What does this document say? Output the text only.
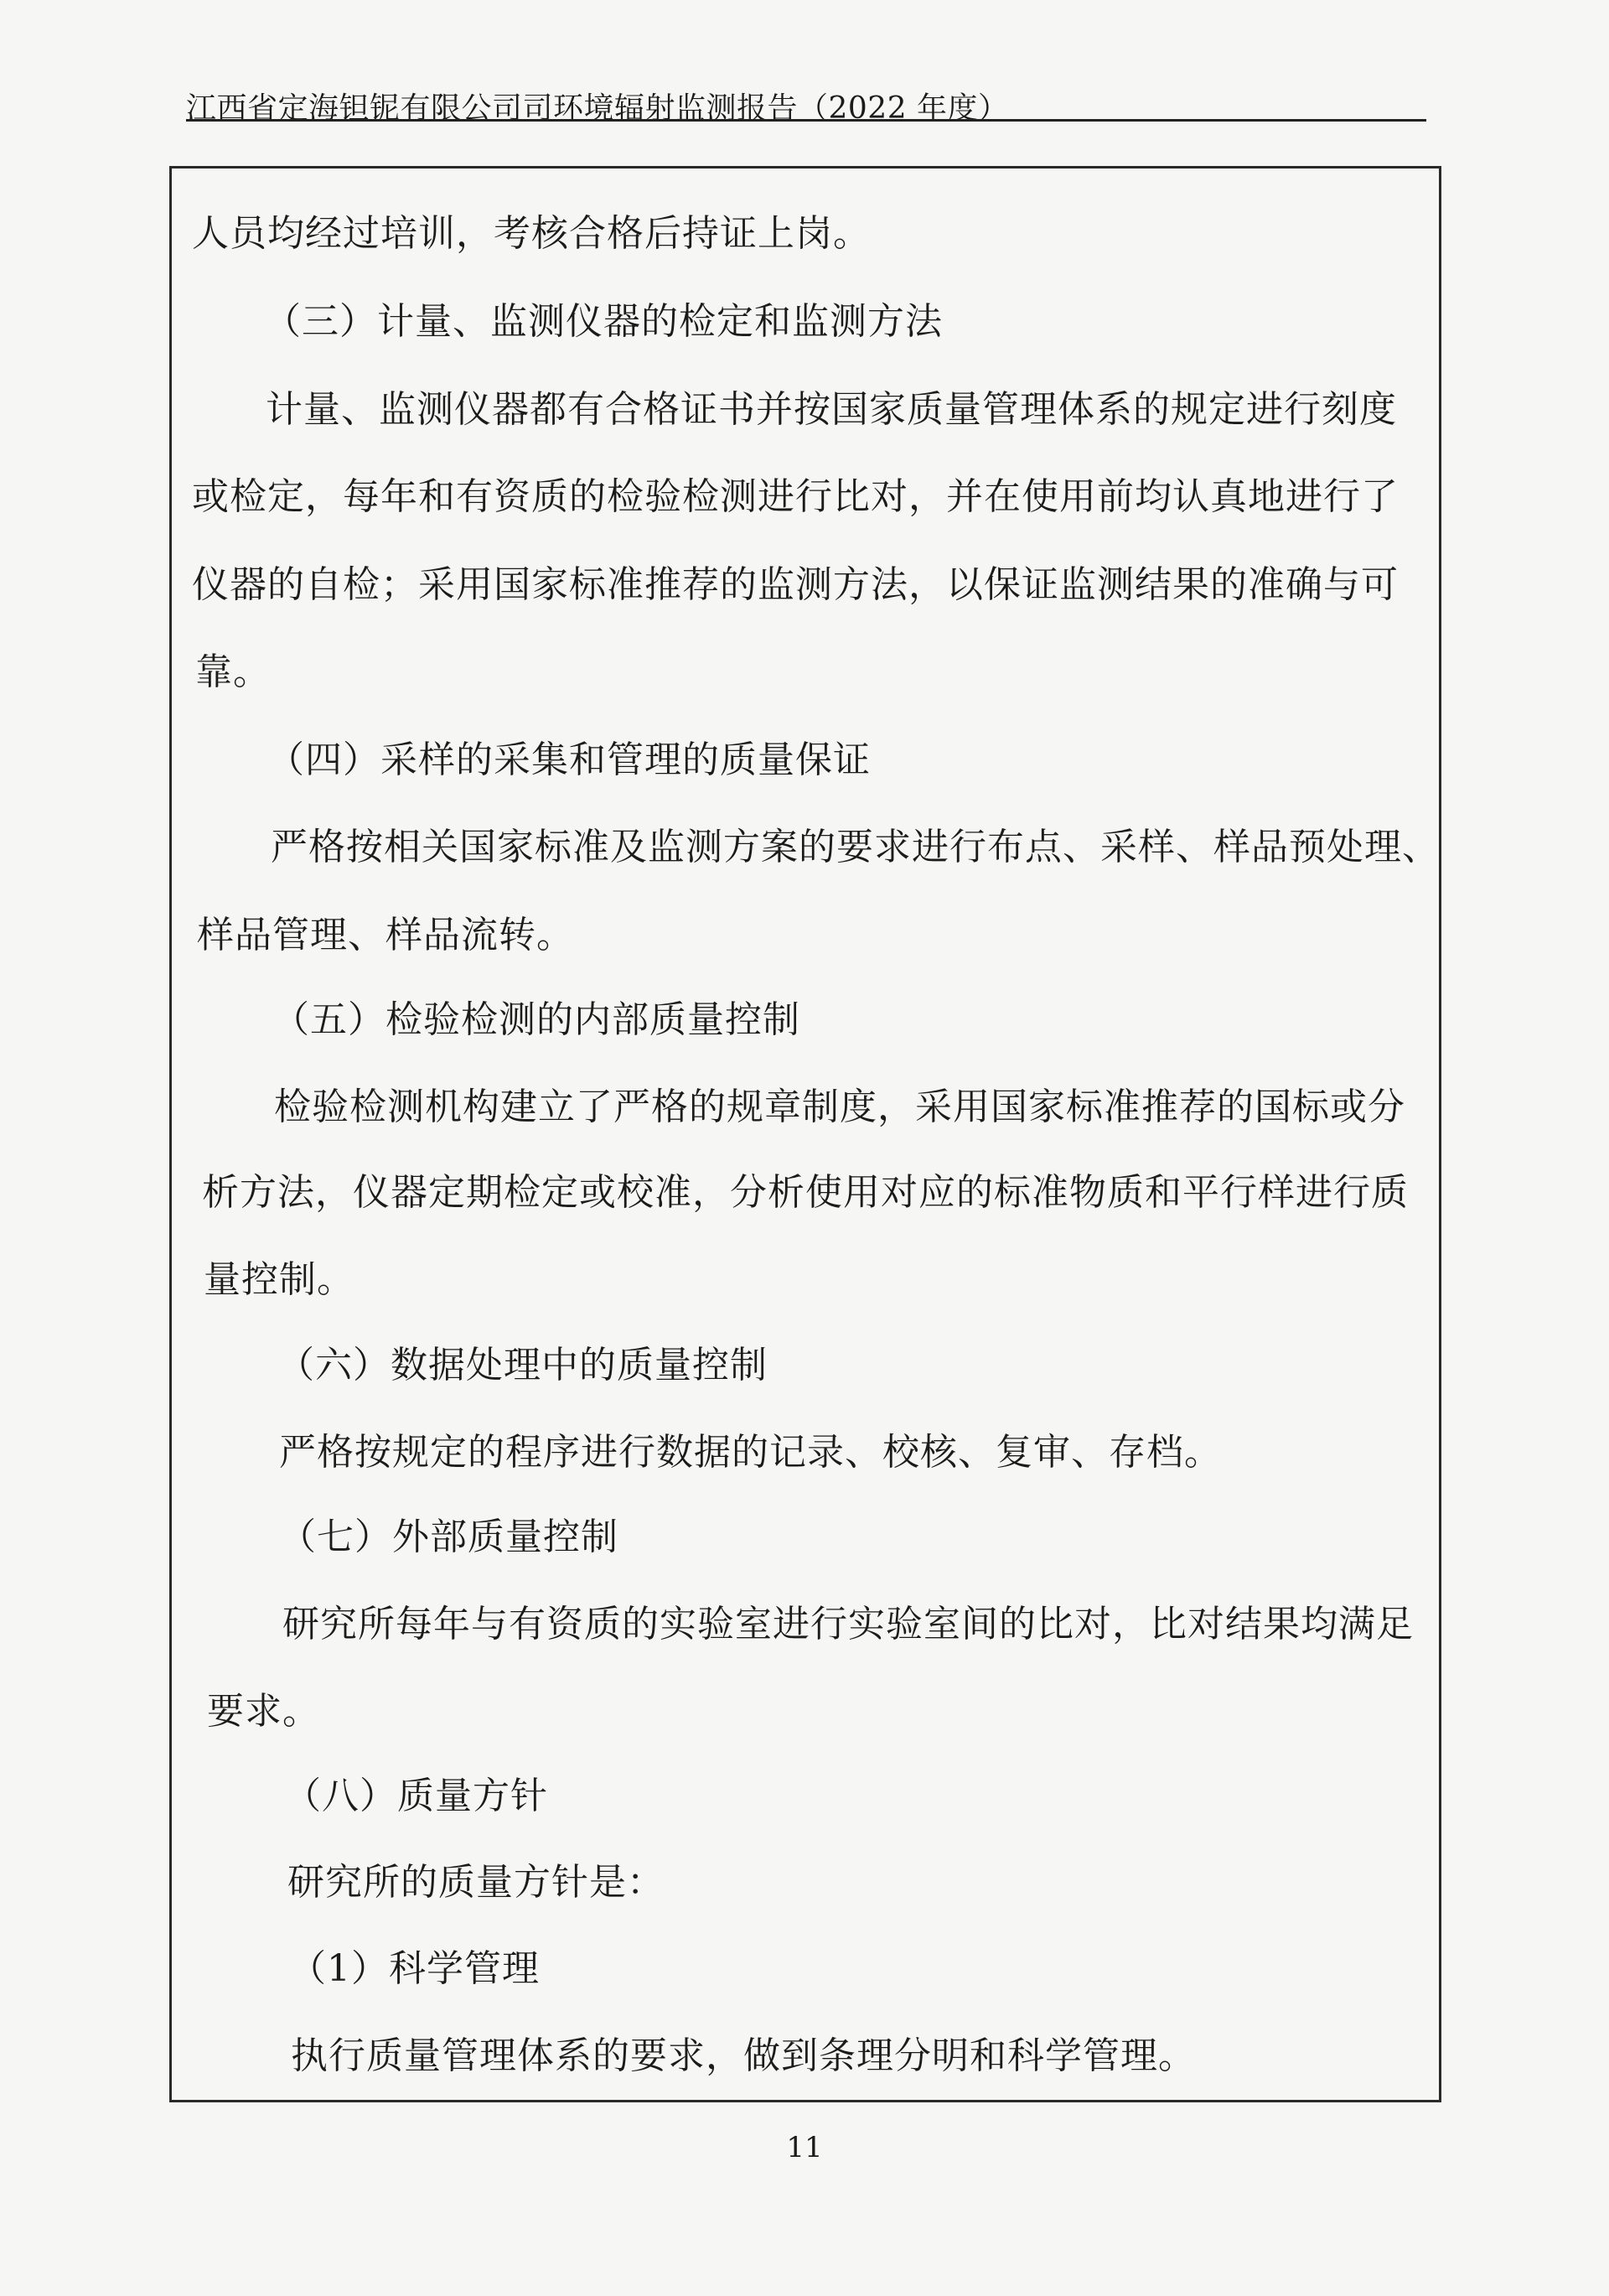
江西省定海钽铌有限公司司环境辐射监测报告（2022 年度）
人员均经过培训，考核合格后持证上岗。
（三）计量、监测仪器的检定和监测方法
计量、监测仪器都有合格证书并按国家质量管理体系的规定进行刻度
或检定，每年和有资质的检验检测进行比对，并在使用前均认真地进行了
仪器的自检；采用国家标准推荐的监测方法，以保证监测结果的准确与可
靠。
（四）采样的采集和管理的质量保证
严格按相关国家标准及监测方案的要求进行布点、采样、样品预处理、
样品管理、样品流转。
（五）检验检测的内部质量控制
检验检测机构建立了严格的规章制度，采用国家标准推荐的国标或分
析方法，仪器定期检定或校准，分析使用对应的标准物质和平行样进行质
量控制。
（六）数据处理中的质量控制
严格按规定的程序进行数据的记录、校核、复审、存档。
（七）外部质量控制
研究所每年与有资质的实验室进行实验室间的比对，比对结果均满足
要求。
（八）质量方针
研究所的质量方针是：
（1）科学管理
执行质量管理体系的要求，做到条理分明和科学管理。
11
